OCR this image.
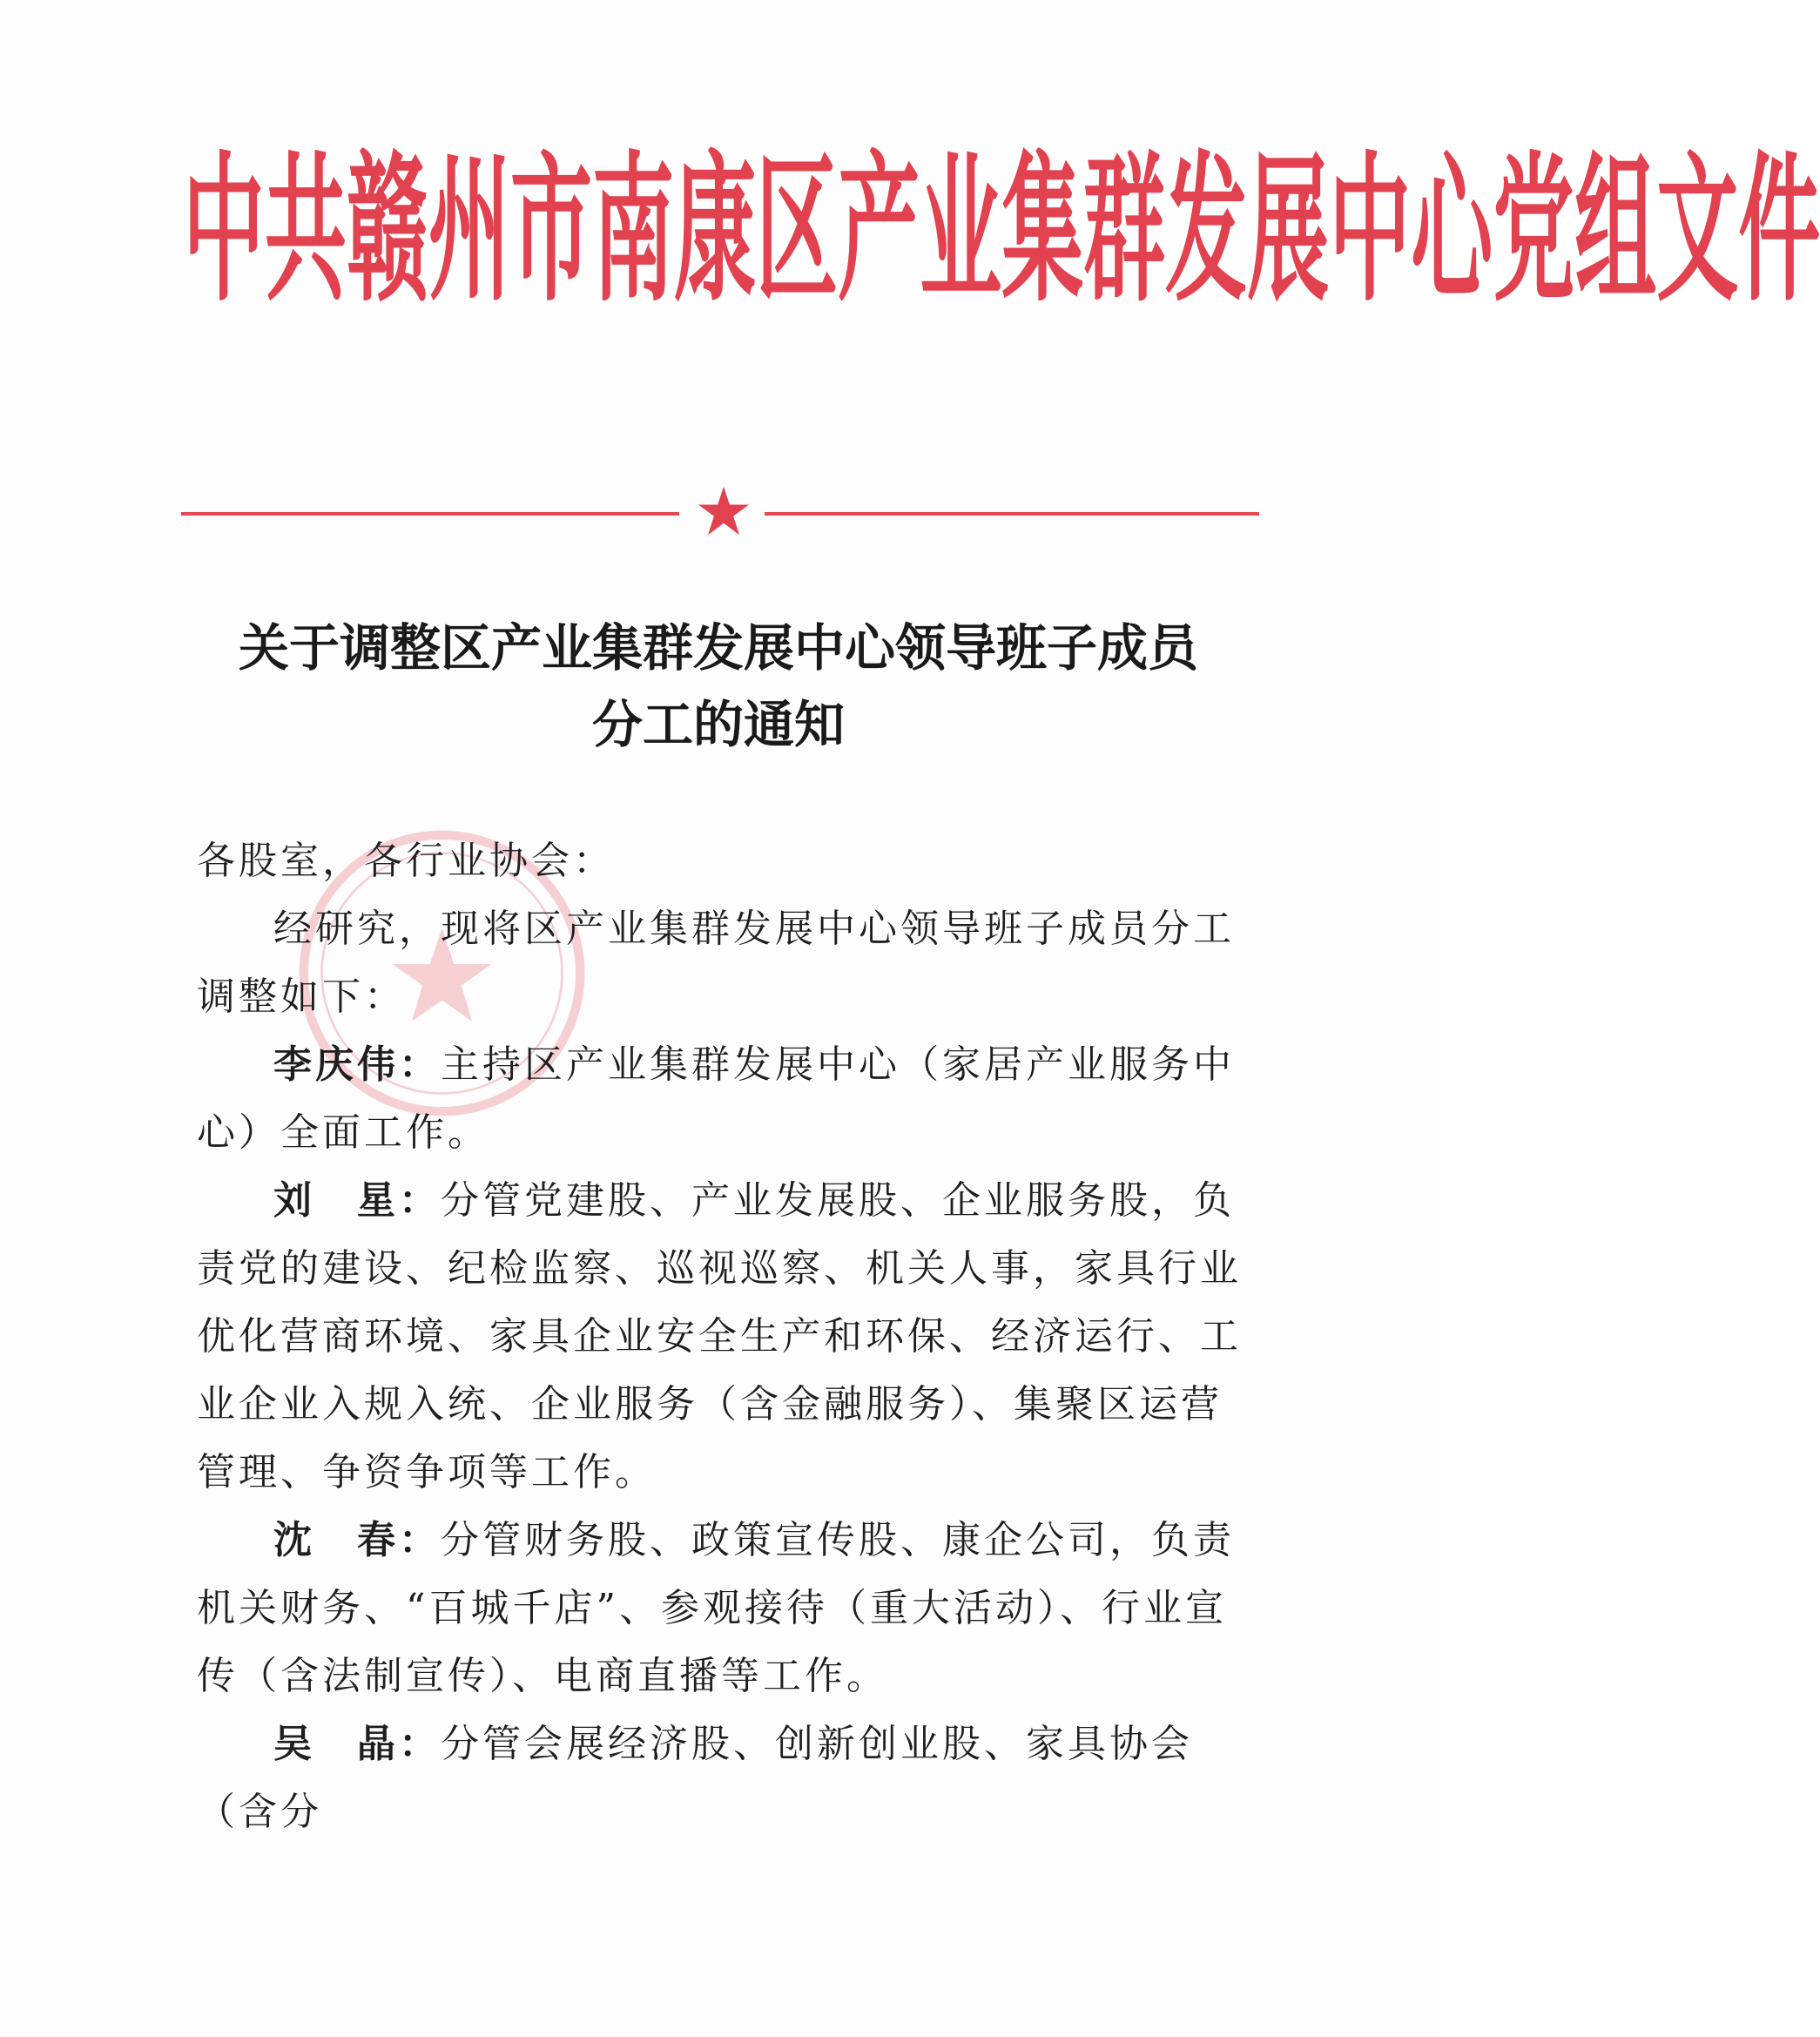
中 共 赣 州 市 南 康 区 产 业 集 群 发 展 中 心 党 组 文 件
关于调整区产业集群发展中心领导班子成员
分工的通知

各股室，各行业协会：

经研究，现将区产业集群发展中心领导班子成员分工调整如下：

李庆伟：主持区产业集群发展中心（家居产业服务中心）全面工作。

刘　星：分管党建股、产业发展股、企业服务股，负责党的建设、纪检监察、巡视巡察、机关人事，家具行业优化营商环境、家具企业安全生产和环保、经济运行、工业企业入规入统、企业服务（含金融服务）、集聚区运营管理、争资争项等工作。

沈　春：分管财务股、政策宣传股、康企公司，负责机关财务、“百城千店”、参观接待（重大活动）、行业宣传（含法制宣传）、电商直播等工作。

吴　晶：分管会展经济股、创新创业股、家具协会（含分
